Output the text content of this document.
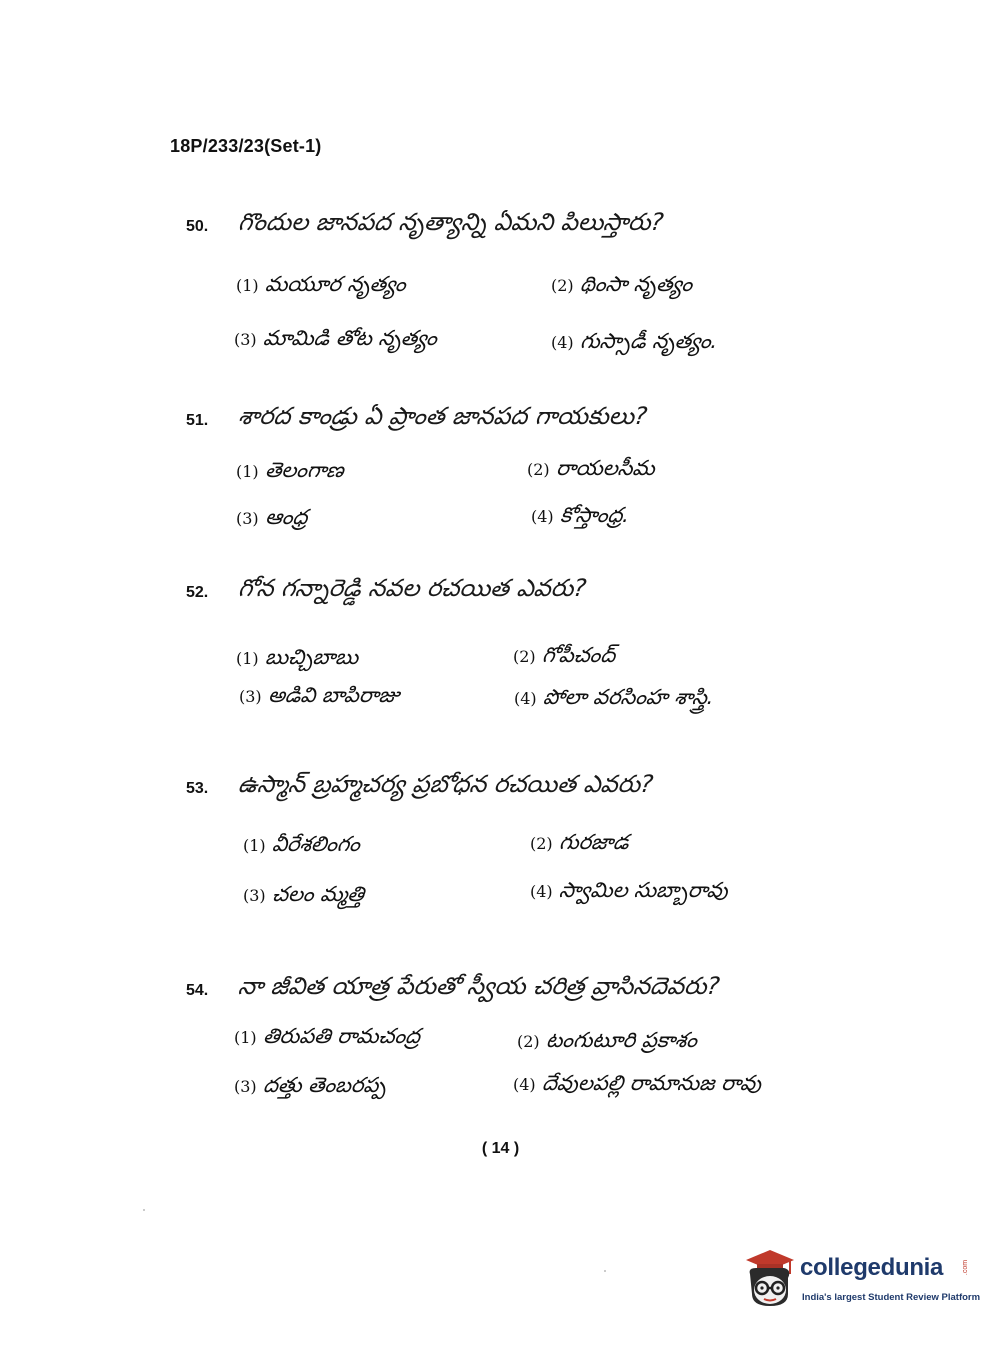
18P/233/23(Set-1)
50. గొందుల జానపద నృత్యాన్ని ఏమని పిలుస్తారు?
(1) మయూర నృత్యం	(2) థింసా నృత్యం
(3) మామిడి తోట నృత్యం	(4) గుస్సాడీ నృత్యం.
51. శారద కాండ్రు ఏ ప్రాంత జానపద గాయకులు?
(1) తెలంగాణ	(2) రాయలసీమ
(3) ఆంధ్ర	(4) కోస్తాంధ్ర.
52. గోన గన్నారెడ్డి నవల రచయిత ఎవరు?
(1) బుచ్చిబాబు	(2) గోపీచంద్
(3) అడివి బాపిరాజు	(4) పోలా వరసింహ శాస్త్రి.
53. ఉస్మాన్ బ్రహ్మచర్య ప్రబోధన రచయిత ఎవరు?
(1) వీరేశలింగం	(2) గురజాడ
(3) చలం మ్మత్తి	(4) స్వామిల సుబ్బారావు
54. నా జీవిత యాత్ర పేరుతో స్వీయ చరిత్ర వ్రాసినదెవరు?
(1) తిరుపతి రామచంద్ర	(2) టంగుటూరి ప్రకాశం
(3) దత్తు తెంబరప్ప	(4) దేవులపల్లి రామానుజ రావు
( 14 )
collegedunia	.com
India's largest Student Review Platform
